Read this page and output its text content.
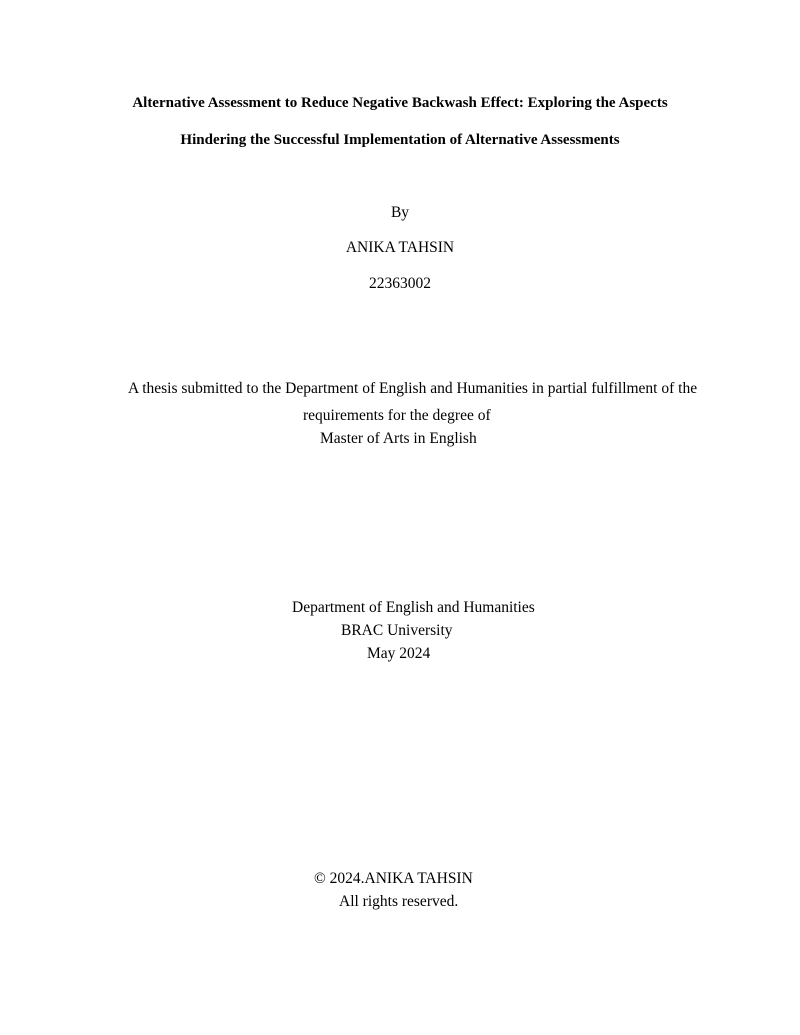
Alternative Assessment to Reduce Negative Backwash Effect: Exploring the Aspects
Hindering the Successful Implementation of Alternative Assessments
By
ANIKA TAHSIN
22363002
A thesis submitted to the Department of English and Humanities in partial fulfillment of the
requirements for the degree of
Master of Arts in English
Department of English and Humanities
BRAC University
May 2024
© 2024.ANIKA TAHSIN
All rights reserved.
